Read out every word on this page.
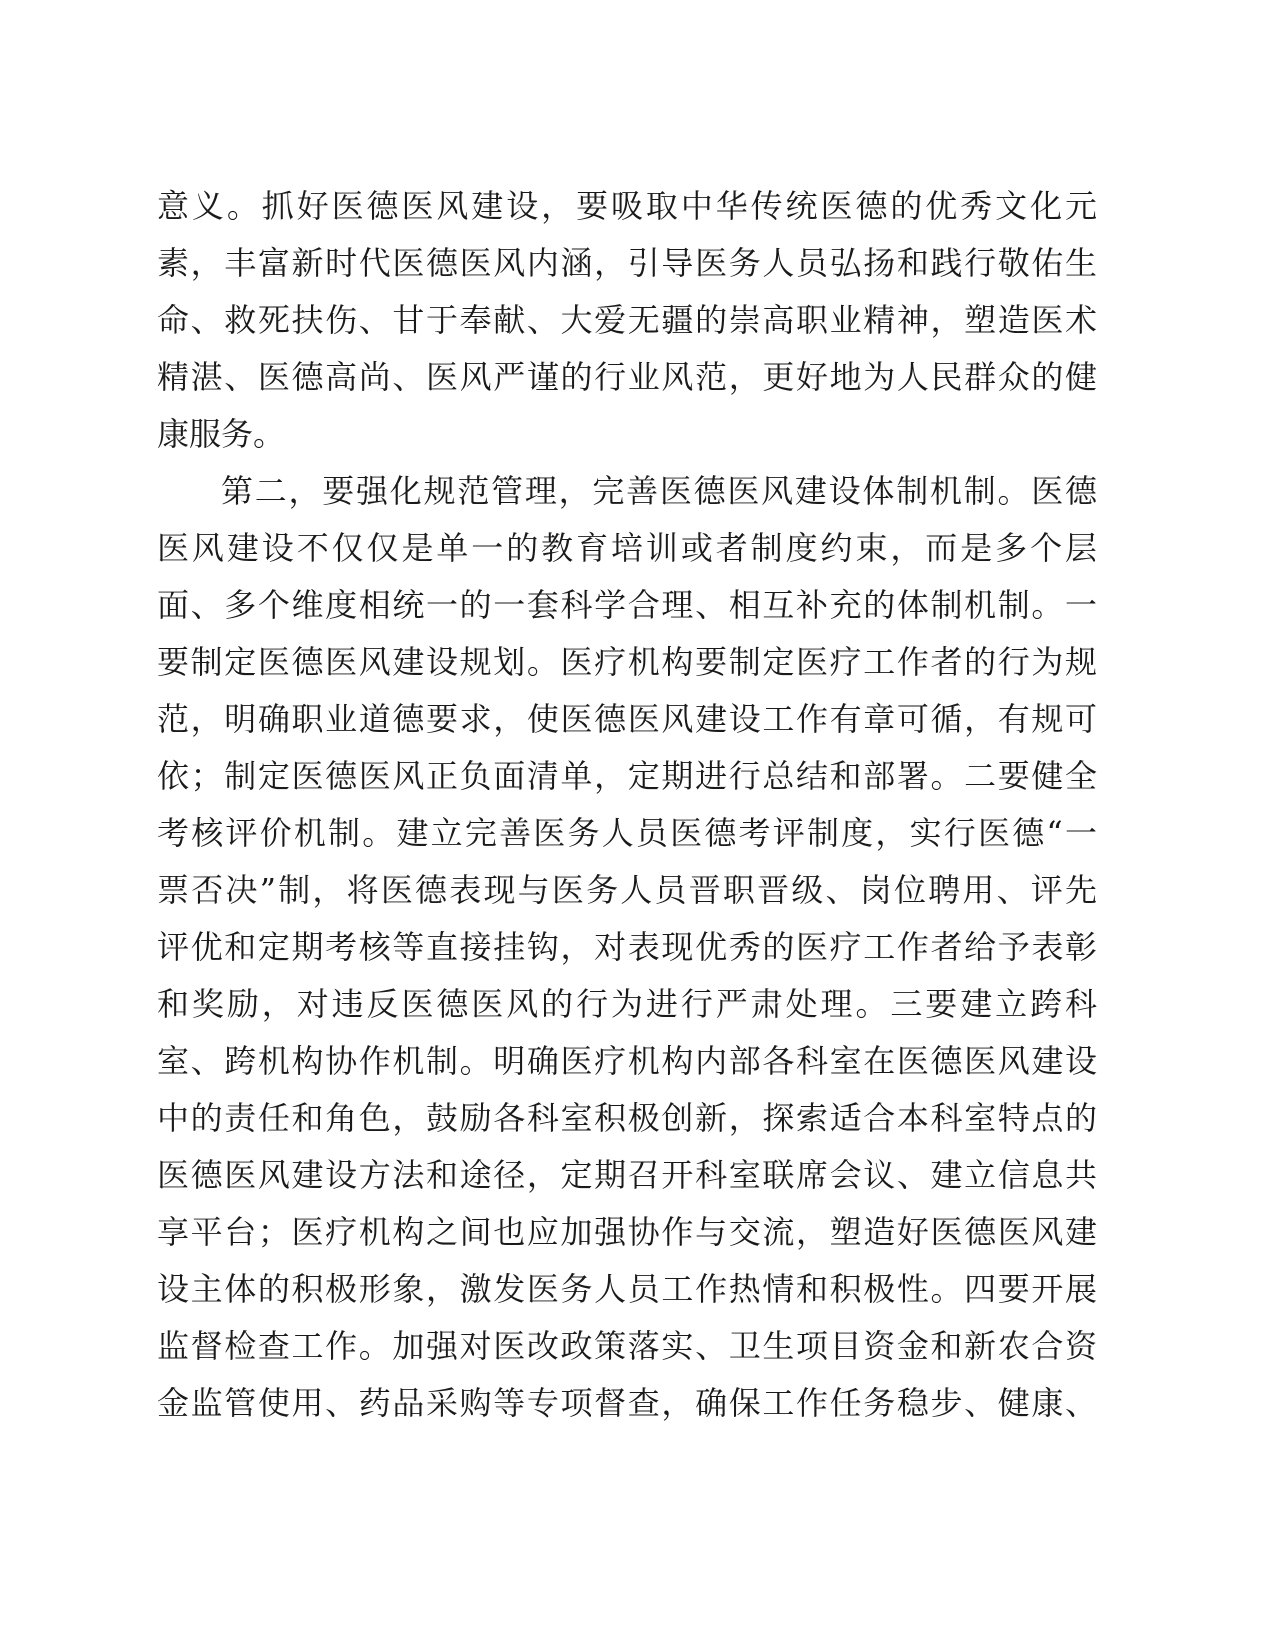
意义。抓好医德医风建设，要吸取中华传统医德的优秀文化元
素，丰富新时代医德医风内涵，引导医务人员弘扬和践行敬佑生
命、救死扶伤、甘于奉献、大爱无疆的崇高职业精神，塑造医术
精湛、医德高尚、医风严谨的行业风范，更好地为人民群众的健
康服务。
第二，要强化规范管理，完善医德医风建设体制机制。医德
医风建设不仅仅是单一的教育培训或者制度约束，而是多个层
面、多个维度相统一的一套科学合理、相互补充的体制机制。一
要制定医德医风建设规划。医疗机构要制定医疗工作者的行为规
范，明确职业道德要求，使医德医风建设工作有章可循，有规可
依；制定医德医风正负面清单，定期进行总结和部署。二要健全
考核评价机制。建立完善医务人员医德考评制度，实行医德“一
票否决”制，将医德表现与医务人员晋职晋级、岗位聘用、评先
评优和定期考核等直接挂钩，对表现优秀的医疗工作者给予表彰
和奖励，对违反医德医风的行为进行严肃处理。三要建立跨科
室、跨机构协作机制。明确医疗机构内部各科室在医德医风建设
中的责任和角色，鼓励各科室积极创新，探索适合本科室特点的
医德医风建设方法和途径，定期召开科室联席会议、建立信息共
享平台；医疗机构之间也应加强协作与交流，塑造好医德医风建
设主体的积极形象，激发医务人员工作热情和积极性。四要开展
监督检查工作。加强对医改政策落实、卫生项目资金和新农合资
金监管使用、药品采购等专项督查，确保工作任务稳步、健康、
